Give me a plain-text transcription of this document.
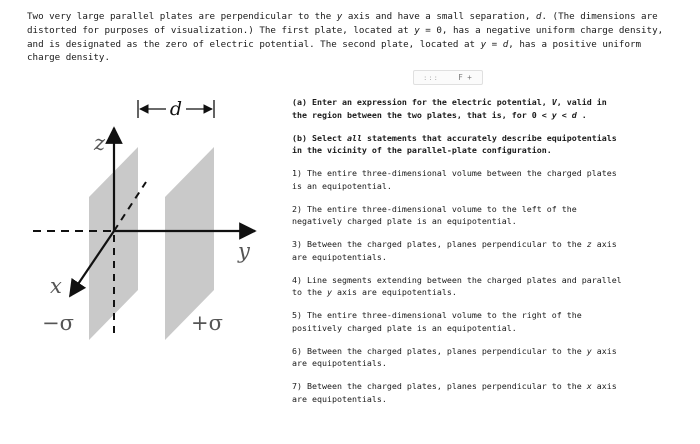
Two very large parallel plates are perpendicular to the y axis and have a small separation, d. (The dimensions are distorted for purposes of visualization.) The first plate, located at y = 0, has a negative uniform charge density, and is designated as the zero of electric potential. The second plate, located at y = d, has a positive uniform charge density.

:::	F +
d
z
y
x
−σ	+σ

(a) Enter an expression for the electric potential, V, valid in the region between the two plates, that is, for 0 < y < d .

(b) Select all statements that accurately describe equipotentials in the vicinity of the parallel-plate configuration.

1) The entire three-dimensional volume between the charged plates is an equipotential.

2) The entire three-dimensional volume to the left of the negatively charged plate is an equipotential.

3) Between the charged plates, planes perpendicular to the z axis are equipotentials.

4) Line segments extending between the charged plates and parallel to the y axis are equipotentials.

5) The entire three-dimensional volume to the right of the positively charged plate is an equipotential.

6) Between the charged plates, planes perpendicular to the y axis are equipotentials.

7) Between the charged plates, planes perpendicular to the x axis are equipotentials.
